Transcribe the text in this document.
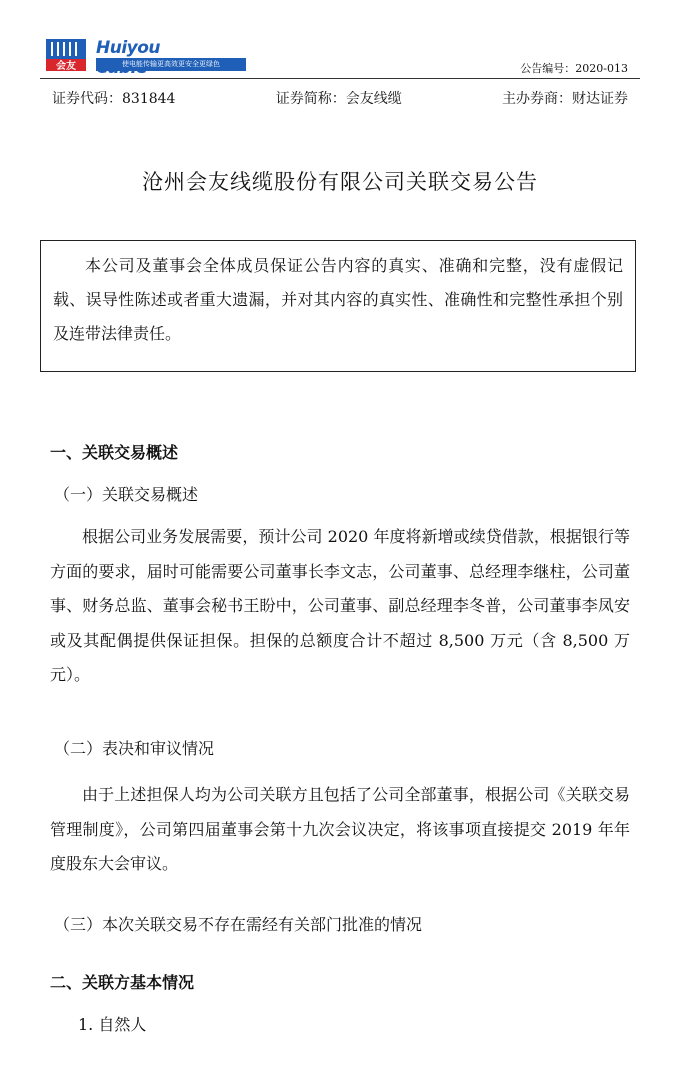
会友
Huiyou
使电能传输更高效更安全更绿色	公告编号：2020-013
证券代码：831844	证券简称：会友线缆	主办券商：财达证券
沧州会友线缆股份有限公司关联交易公告
本公司及董事会全体成员保证公告内容的真实、准确和完整，没有虚假记载、误导性陈述或者重大遗漏，并对其内容的真实性、准确性和完整性承担个别及连带法律责任。
一、关联交易概述
（一）关联交易概述
根据公司业务发展需要，预计公司 2020 年度将新增或续贷借款，根据银行等方面的要求，届时可能需要公司董事长李文志，公司董事、总经理李继柱，公司董事、财务总监、董事会秘书王盼中，公司董事、副总经理李冬普，公司董事李凤安或及其配偶提供保证担保。担保的总额度合计不超过 8,500 万元（含 8,500 万元）。
（二）表决和审议情况
由于上述担保人均为公司关联方且包括了公司全部董事，根据公司《关联交易管理制度》，公司第四届董事会第十九次会议决定，将该事项直接提交 2019 年年度股东大会审议。
（三）本次关联交易不存在需经有关部门批准的情况
二、关联方基本情况
1. 自然人
